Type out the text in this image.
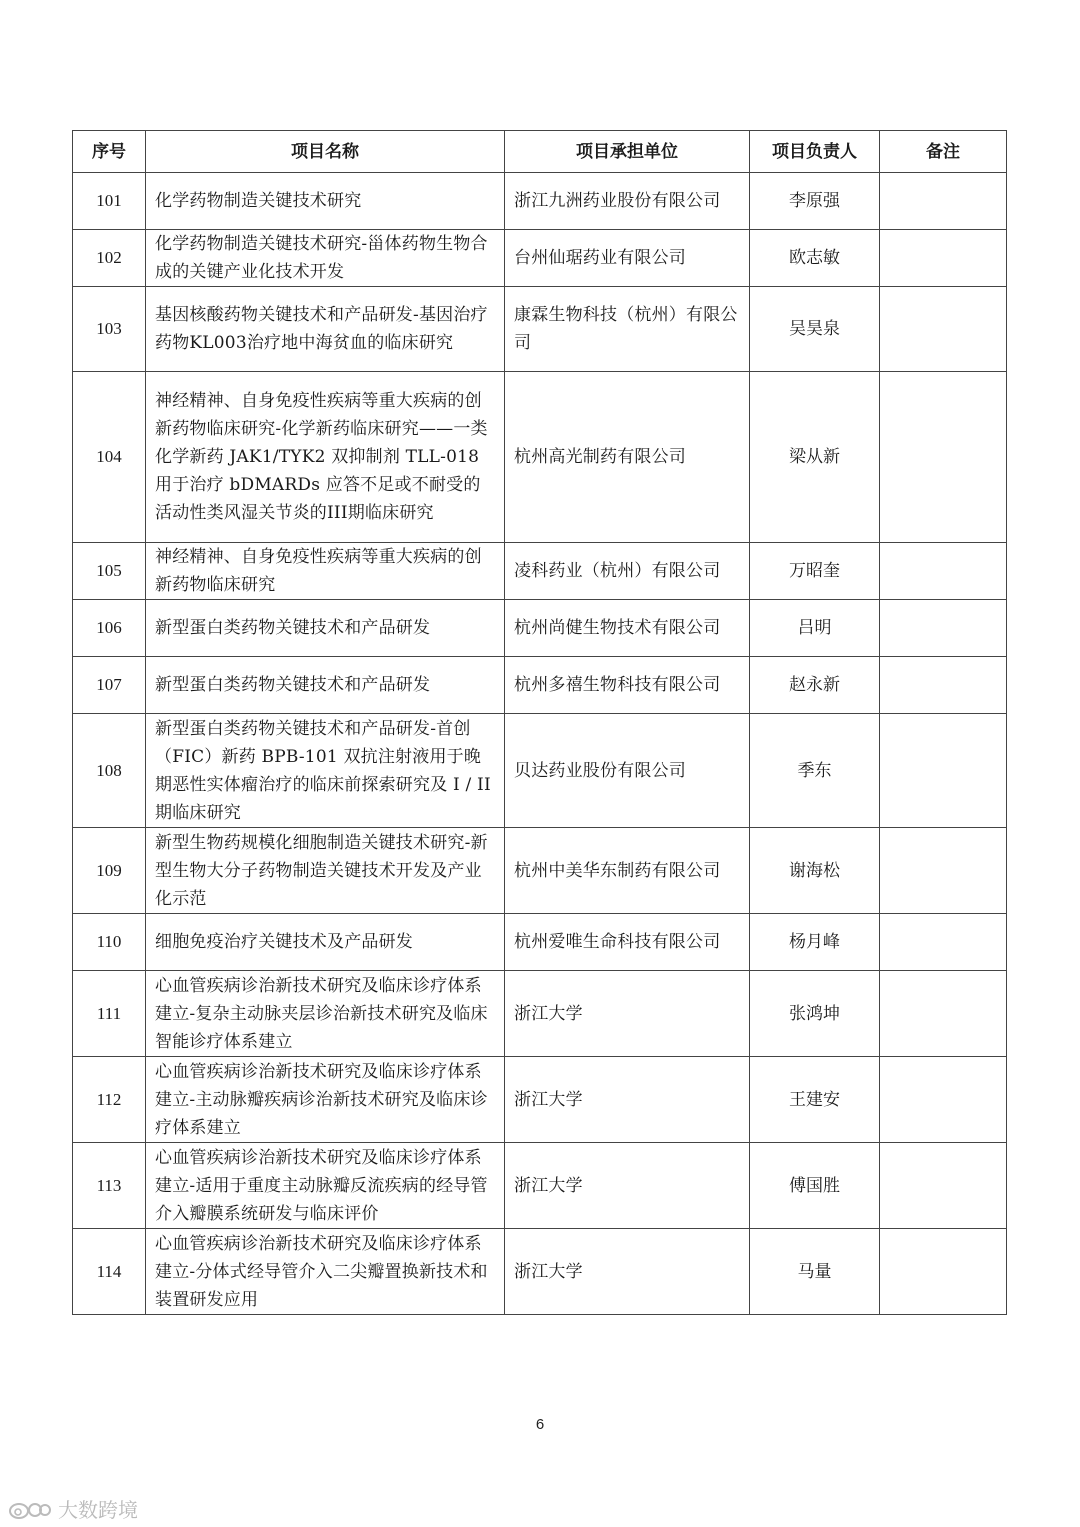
序号	项目名称	项目承担单位	项目负责人	备注
101	化学药物制造关键技术研究	浙江九洲药业股份有限公司	李原强	
102	化学药物制造关键技术研究-甾体药物生物合成的关键产业化技术开发	台州仙琚药业有限公司	欧志敏	
103	基因核酸药物关键技术和产品研发-基因治疗药物KL003治疗地中海贫血的临床研究	康霖生物科技（杭州）有限公司	吴昊泉	
104	神经精神、自身免疫性疾病等重大疾病的创新药物临床研究-化学新药临床研究——一类化学新药 JAK1/TYK2 双抑制剂 TLL-018 用于治疗 bDMARDs 应答不足或不耐受的活动性类风湿关节炎的III期临床研究	杭州高光制药有限公司	梁从新	
105	神经精神、自身免疫性疾病等重大疾病的创新药物临床研究	凌科药业（杭州）有限公司	万昭奎	
106	新型蛋白类药物关键技术和产品研发	杭州尚健生物技术有限公司	吕明	
107	新型蛋白类药物关键技术和产品研发	杭州多禧生物科技有限公司	赵永新	
108	新型蛋白类药物关键技术和产品研发-首创（FIC）新药 BPB-101 双抗注射液用于晚期恶性实体瘤治疗的临床前探索研究及 I / II 期临床研究	贝达药业股份有限公司	季东	
109	新型生物药规模化细胞制造关键技术研究-新型生物大分子药物制造关键技术开发及产业化示范	杭州中美华东制药有限公司	谢海松	
110	细胞免疫治疗关键技术及产品研发	杭州爱唯生命科技有限公司	杨月峰	
111	心血管疾病诊治新技术研究及临床诊疗体系建立-复杂主动脉夹层诊治新技术研究及临床智能诊疗体系建立	浙江大学	张鸿坤	
112	心血管疾病诊治新技术研究及临床诊疗体系建立-主动脉瓣疾病诊治新技术研究及临床诊疗体系建立	浙江大学	王建安	
113	心血管疾病诊治新技术研究及临床诊疗体系建立-适用于重度主动脉瓣反流疾病的经导管介入瓣膜系统研发与临床评价	浙江大学	傅国胜	
114	心血管疾病诊治新技术研究及临床诊疗体系建立-分体式经导管介入二尖瓣置换新技术和装置研发应用	浙江大学	马量	
6
大数跨境
